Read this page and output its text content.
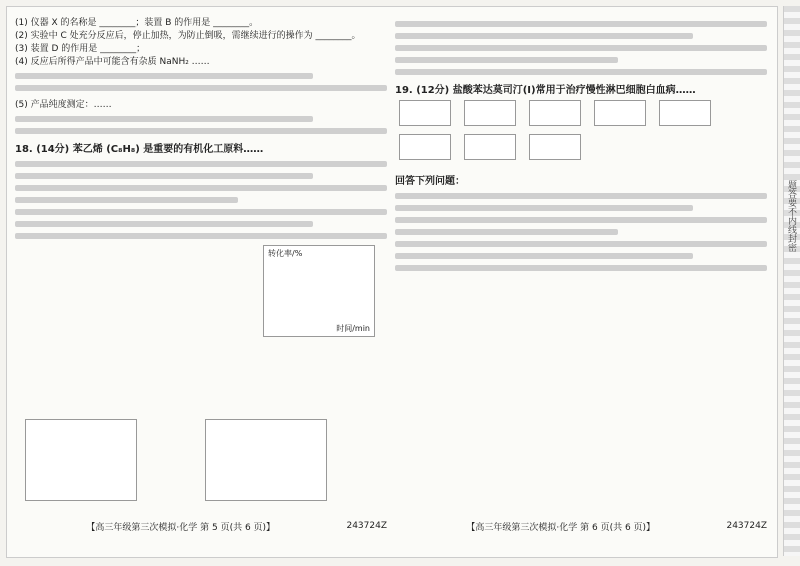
(1) 仪器 X 的名称是 ________；装置 B 的作用是 ________。
(2) 实验中 C 处充分反应后，停止加热，为防止倒吸，需继续进行的操作为 ________。
(3) 装置 D 的作用是 ________；
(4) 反应后所得产品中可能含有杂质 NaNH₂ ……
(5) 产品纯度测定：……
18. (14分) 苯乙烯 (C₈H₈) 是重要的有机化工原料……
转化率/%
时间/min
【高三年级第三次模拟·化学 第 5 页(共 6 页)】	243724Z
19. (12分) 盐酸苯达莫司汀(I)常用于治疗慢性淋巴细胞白血病……

回答下列问题：
【高三年级第三次模拟·化学 第 6 页(共 6 页)】	243724Z
题答要不内线封密
